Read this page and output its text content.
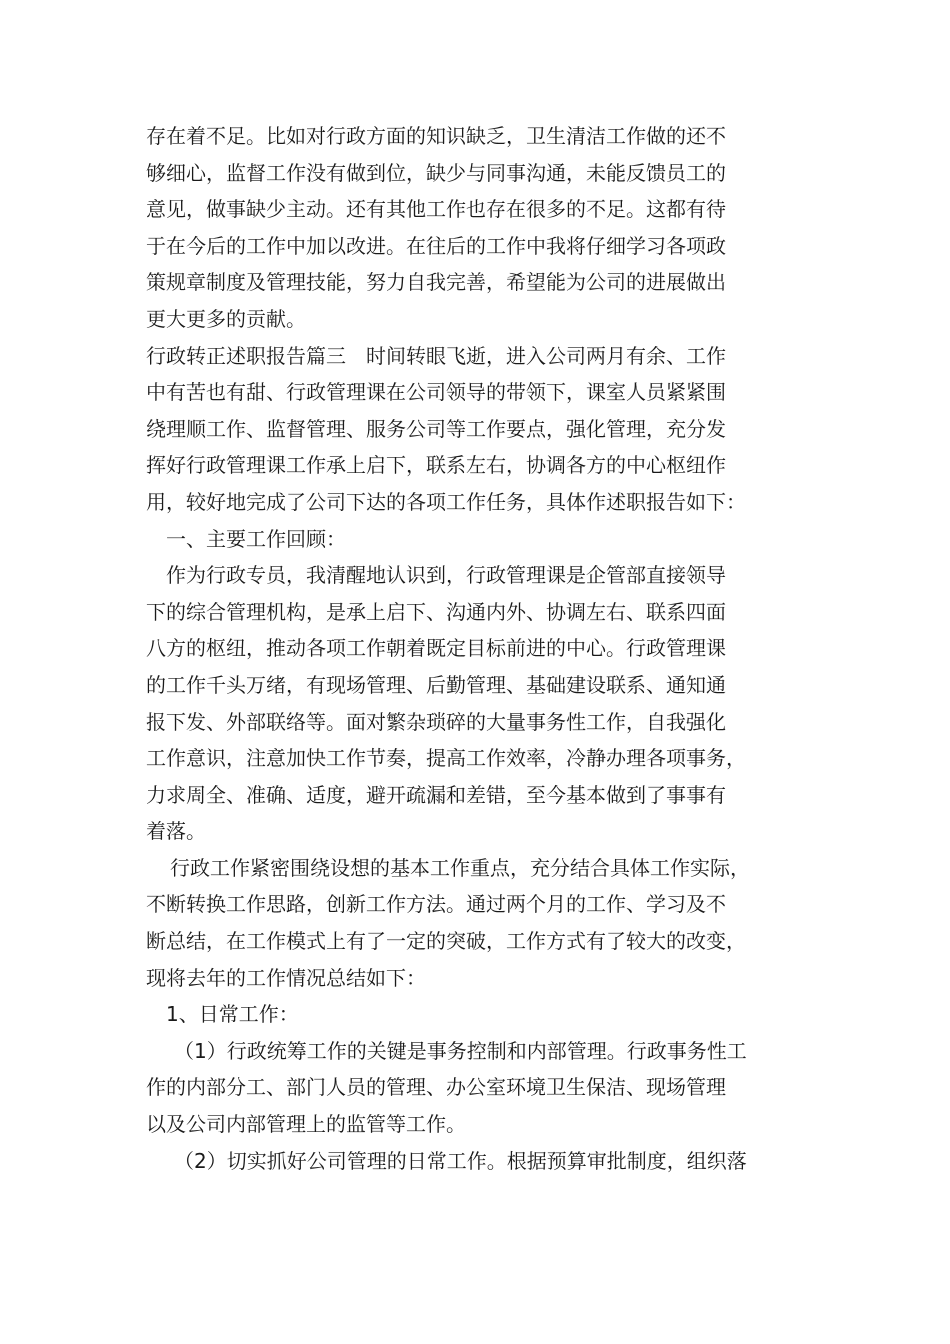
存在着不足。比如对行政方面的知识缺乏，卫生清洁工作做的还不
够细心，监督工作没有做到位，缺少与同事沟通，未能反馈员工的
意见，做事缺少主动。还有其他工作也存在很多的不足。这都有待
于在今后的工作中加以改进。在往后的工作中我将仔细学习各项政
策规章制度及管理技能，努力自我完善，希望能为公司的进展做出
更大更多的贡献。
行政转正述职报告篇三　时间转眼飞逝，进入公司两月有余、工作
中有苦也有甜、行政管理课在公司领导的带领下，课室人员紧紧围
绕理顺工作、监督管理、服务公司等工作要点，强化管理，充分发
挥好行政管理课工作承上启下，联系左右，协调各方的中心枢纽作
用，较好地完成了公司下达的各项工作任务，具体作述职报告如下：
一、主要工作回顾：
作为行政专员，我清醒地认识到，行政管理课是企管部直接领导
下的综合管理机构，是承上启下、沟通内外、协调左右、联系四面
八方的枢纽，推动各项工作朝着既定目标前进的中心。行政管理课
的工作千头万绪，有现场管理、后勤管理、基础建设联系、通知通
报下发、外部联络等。面对繁杂琐碎的大量事务性工作，自我强化
工作意识，注意加快工作节奏，提高工作效率，冷静办理各项事务，
力求周全、准确、适度，避开疏漏和差错，至今基本做到了事事有
着落。
行政工作紧密围绕设想的基本工作重点，充分结合具体工作实际，
不断转换工作思路，创新工作方法。通过两个月的工作、学习及不
断总结，在工作模式上有了一定的突破，工作方式有了较大的改变，
现将去年的工作情况总结如下：
1、日常工作：
（1）行政统筹工作的关键是事务控制和内部管理。行政事务性工
作的内部分工、部门人员的管理、办公室环境卫生保洁、现场管理
以及公司内部管理上的监管等工作。
（2）切实抓好公司管理的日常工作。根据预算审批制度，组织落
